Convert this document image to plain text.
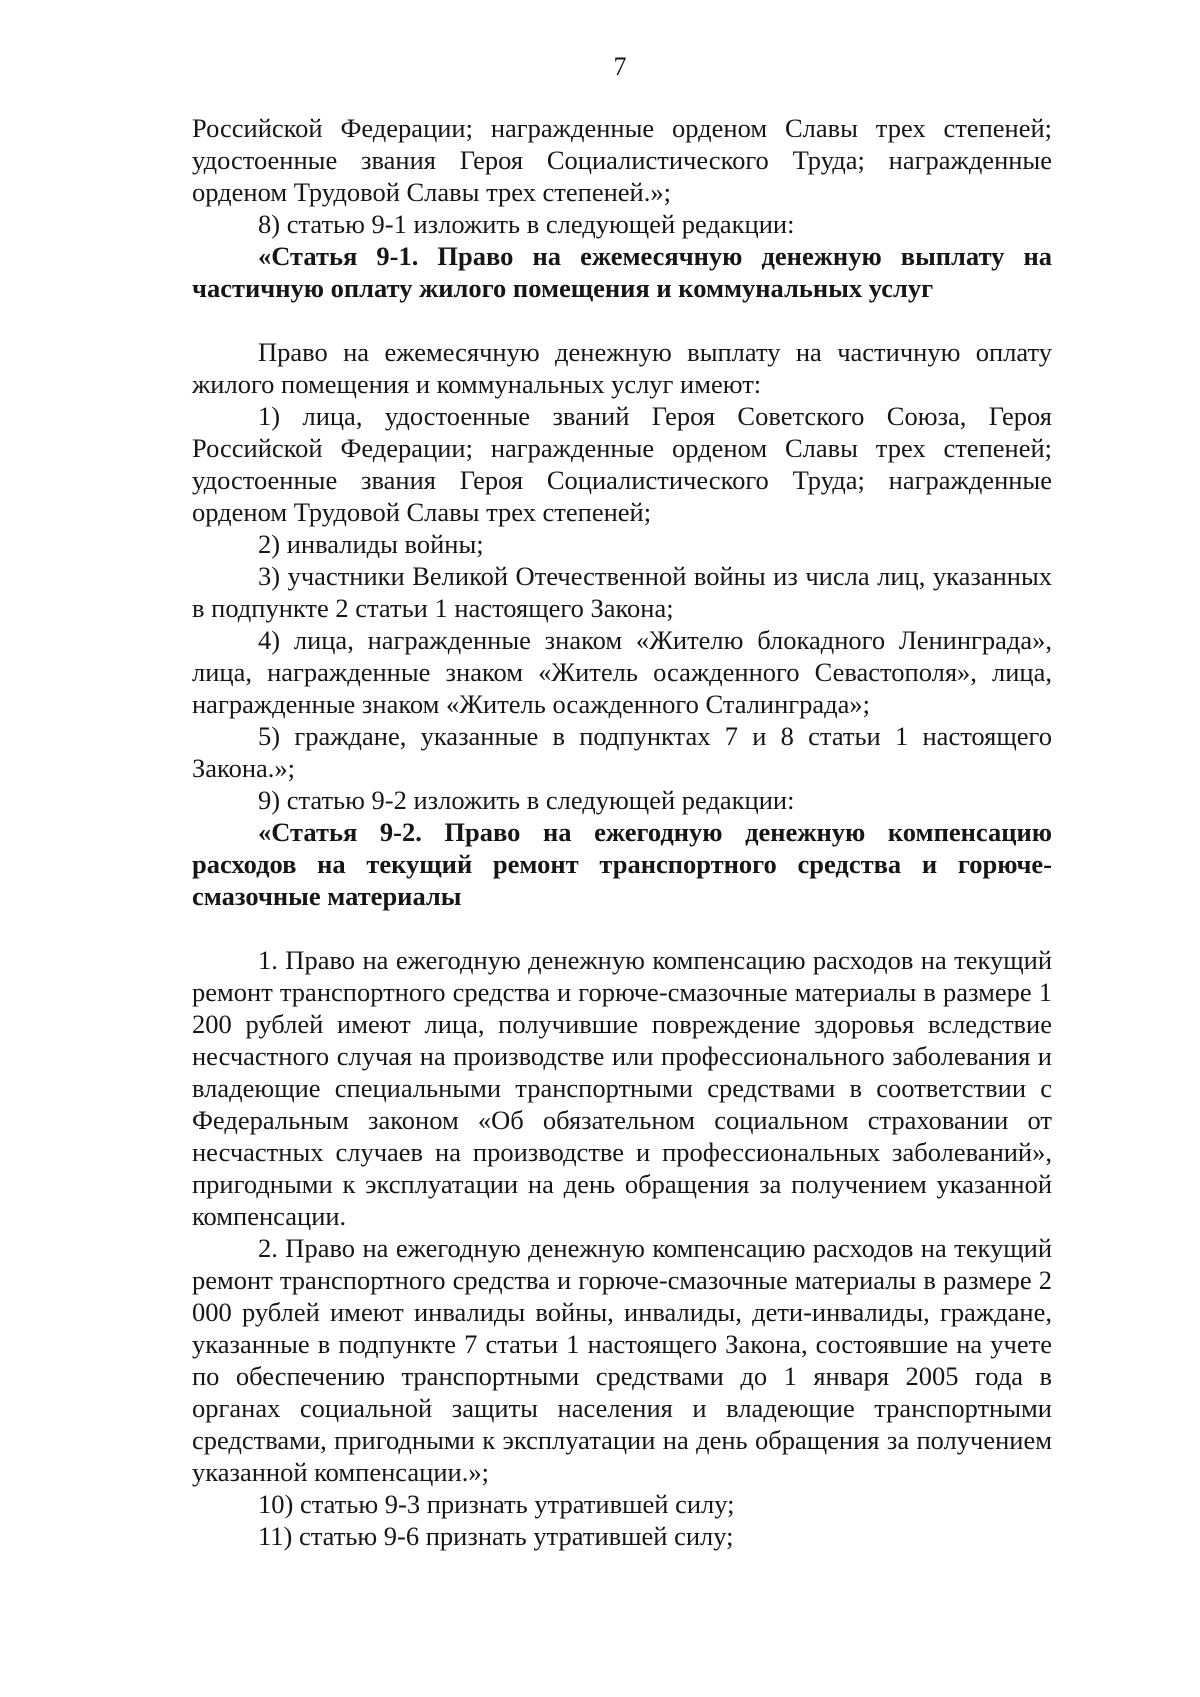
7

Российской Федерации; награжденные орденом Славы трех степеней; удостоенные звания Героя Социалистического Труда; награжденные орденом Трудовой Славы трех степеней.»;

8) статью 9-1 изложить в следующей редакции:

«Статья 9-1. Право на ежемесячную денежную выплату на частичную оплату жилого помещения и коммунальных услуг

Право на ежемесячную денежную выплату на частичную оплату жилого помещения и коммунальных услуг имеют:

1) лица, удостоенные званий Героя Советского Союза, Героя Российской Федерации; награжденные орденом Славы трех степеней; удостоенные звания Героя Социалистического Труда; награжденные орденом Трудовой Славы трех степеней;

2) инвалиды войны;

3) участники Великой Отечественной войны из числа лиц, указанных в подпункте 2 статьи 1 настоящего Закона;

4) лица, награжденные знаком «Жителю блокадного Ленинграда», лица, награжденные знаком «Житель осажденного Севастополя», лица, награжденные знаком «Житель осажденного Сталинграда»;

5) граждане, указанные в подпунктах 7 и 8 статьи 1 настоящего Закона.»;

9) статью 9-2 изложить в следующей редакции:

«Статья 9-2. Право на ежегодную денежную компенсацию расходов на текущий ремонт транспортного средства и горюче-смазочные материалы

1. Право на ежегодную денежную компенсацию расходов на текущий ремонт транспортного средства и горюче-смазочные материалы в размере 1 200 рублей имеют лица, получившие повреждение здоровья вследствие несчастного случая на производстве или профессионального заболевания и владеющие специальными транспортными средствами в соответствии с Федеральным законом «Об обязательном социальном страховании от несчастных случаев на производстве и профессиональных заболеваний», пригодными к эксплуатации на день обращения за получением указанной компенсации.

2. Право на ежегодную денежную компенсацию расходов на текущий ремонт транспортного средства и горюче-смазочные материалы в размере 2 000 рублей имеют инвалиды войны, инвалиды, дети-инвалиды, граждане, указанные в подпункте 7 статьи 1 настоящего Закона, состоявшие на учете по обеспечению транспортными средствами до 1 января 2005 года в органах социальной защиты населения и владеющие транспортными средствами, пригодными к эксплуатации на день обращения за получением указанной компенсации.»;

10) статью 9-3 признать утратившей силу;

11) статью 9-6 признать утратившей силу;
